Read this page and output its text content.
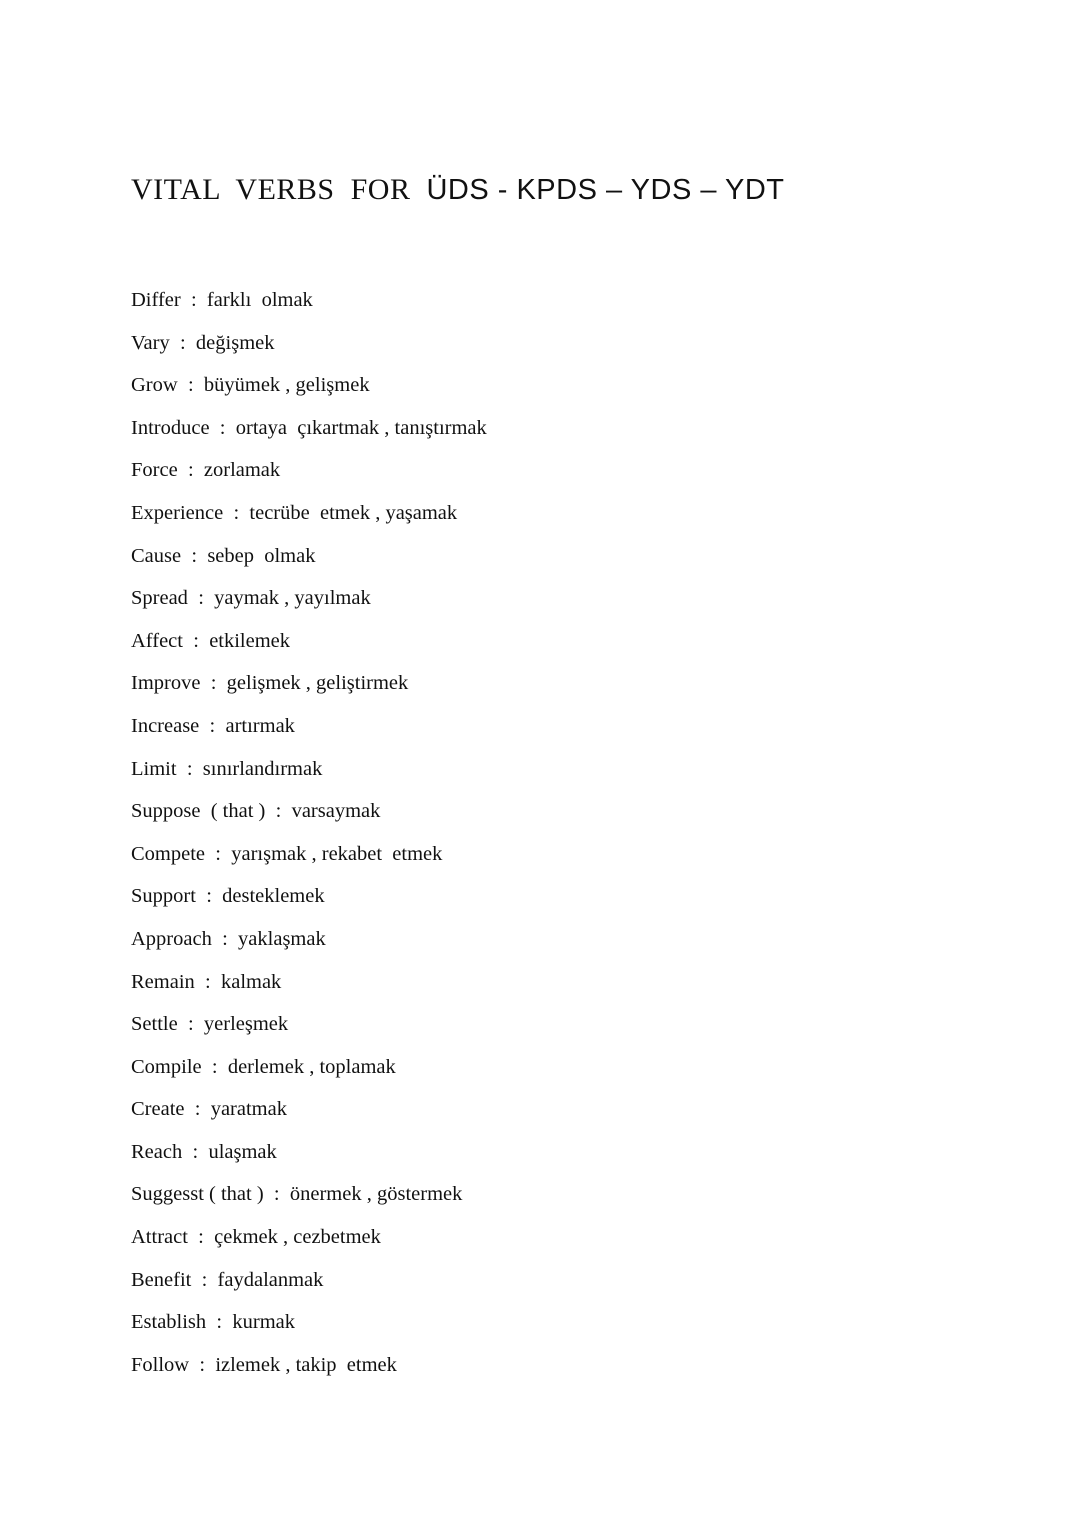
VITAL  VERBS  FOR  ÜDS - KPDS – YDS – YDT
Differ  :  farklı  olmak
Vary  :  değişmek
Grow  :  büyümek , gelişmek
Introduce  :  ortaya  çıkartmak , tanıştırmak
Force  :  zorlamak
Experience  :  tecrübe  etmek , yaşamak
Cause  :  sebep  olmak
Spread  :  yaymak , yayılmak
Affect  :  etkilemek
Improve  :  gelişmek , geliştirmek
Increase  :  artırmak
Limit  :  sınırlandırmak
Suppose  ( that )  :  varsaymak
Compete  :  yarışmak , rekabet  etmek
Support  :  desteklemek
Approach  :  yaklaşmak
Remain  :  kalmak
Settle  :  yerleşmek
Compile  :  derlemek , toplamak
Create  :  yaratmak
Reach  :  ulaşmak
Suggesst ( that )  :  önermek , göstermek
Attract  :  çekmek , cezbetmek
Benefit  :  faydalanmak
Establish  :  kurmak
Follow  :  izlemek , takip  etmek
